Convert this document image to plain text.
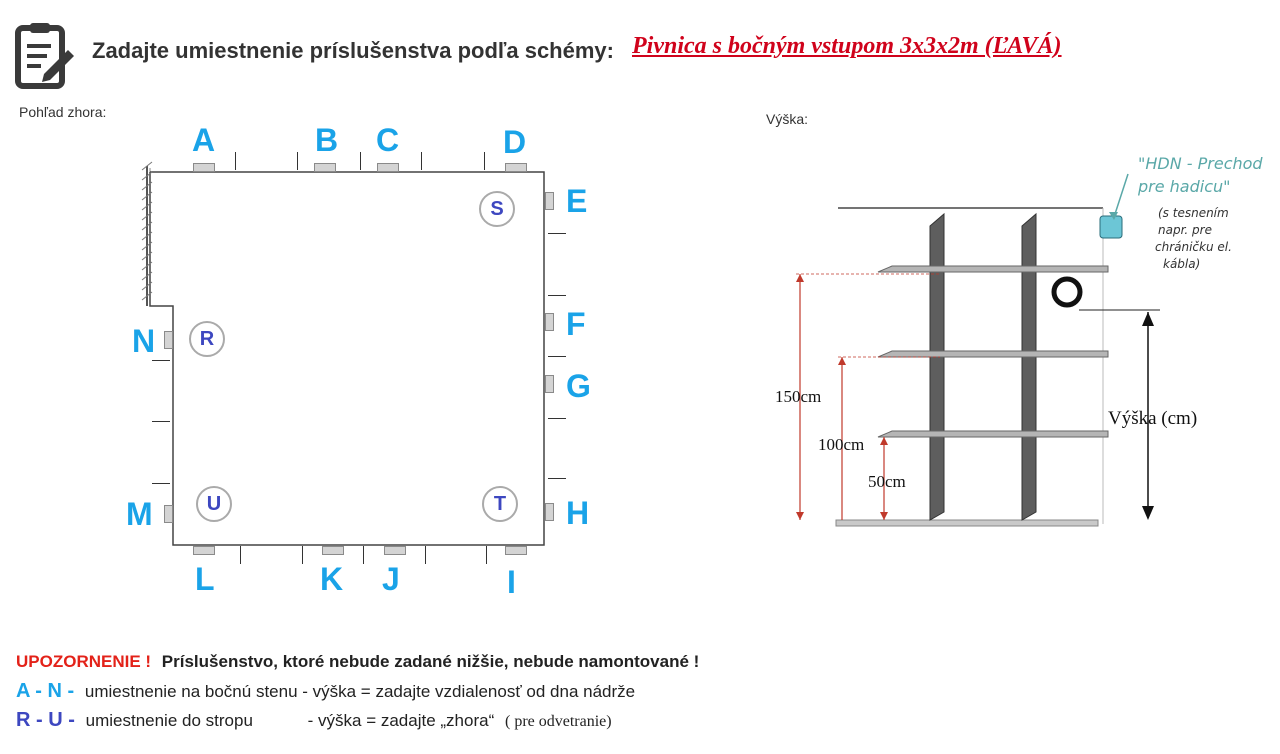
Zadajte umiestnenie príslušenstva podľa schémy: Pivnica s bočným vstupom 3x3x2m (ĽAVÁ)
Pohľad zhora:
A	B C	D
E
F
G
H
I
J
K
L
M
N
S
R
U	T
Výška:
150cm
100cm
50cm
Výška (cm)
"HDN - Prechod
pre hadicu"
(s tesnením
napr. pre
chráničku el.
kábla)
UPOZORNENIE ! Príslušenstvo, ktoré nebude zadané nižšie, nebude namontované !
A - N - umiestnenie na bočnú stenu - výška = zadajte vzdialenosť od dna nádrže
R - U - umiestnenie do stropu	- výška = zadajte „zhora“ ( pre odvetranie)
